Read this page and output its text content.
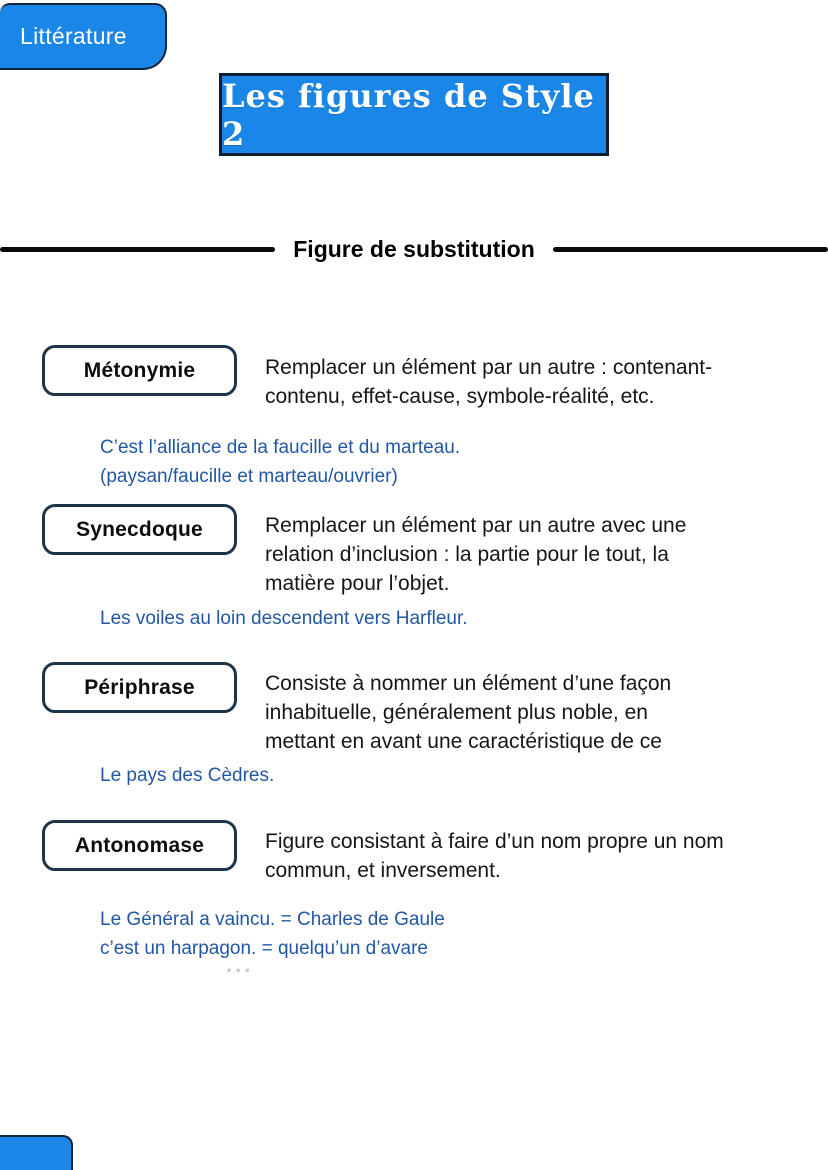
Littérature
Les figures de Style 2
Figure de substitution
Métonymie	Remplacer un élément par un autre : contenant-
contenu, effet-cause, symbole-réalité, etc.
C’est l’alliance de la faucille et du marteau.
(paysan/faucille et marteau/ouvrier)
Synecdoque	Remplacer un élément par un autre avec une
relation d’inclusion : la partie pour le tout, la
matière pour l’objet.
Les voiles au loin descendent vers Harfleur.
Périphrase	Consiste à nommer un élément d’une façon
inhabituelle, généralement plus noble, en
mettant en avant une caractéristique de ce
Le pays des Cèdres.
Antonomase	Figure consistant à faire d’un nom propre un nom
commun, et inversement.
Le Général a vaincu. = Charles de Gaule
c’est un harpagon. = quelqu’un d’avare
...
